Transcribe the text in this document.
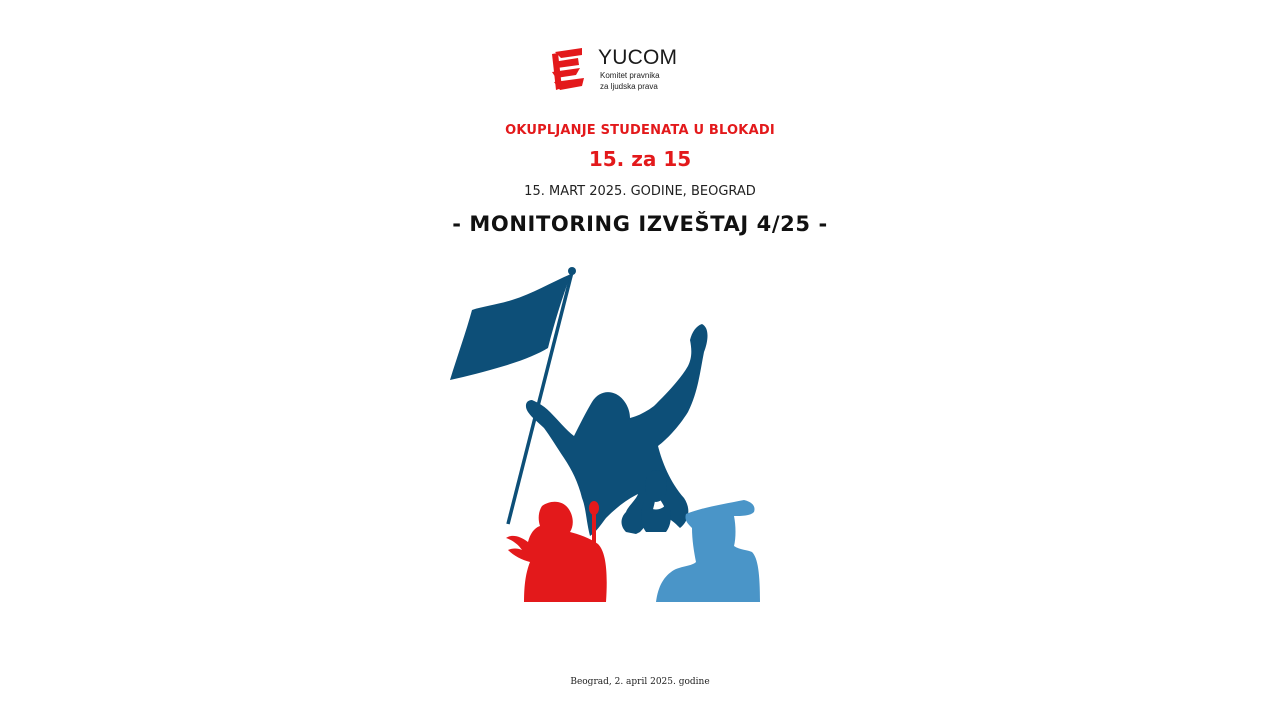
YUCOM
Komitet pravnika
za ljudska prava
OKUPLJANJE STUDENATA U BLOKADI
15. za 15
15. MART 2025. GODINE, BEOGRAD
- MONITORING IZVEŠTAJ 4/25 -
Beograd, 2. april 2025. godine
